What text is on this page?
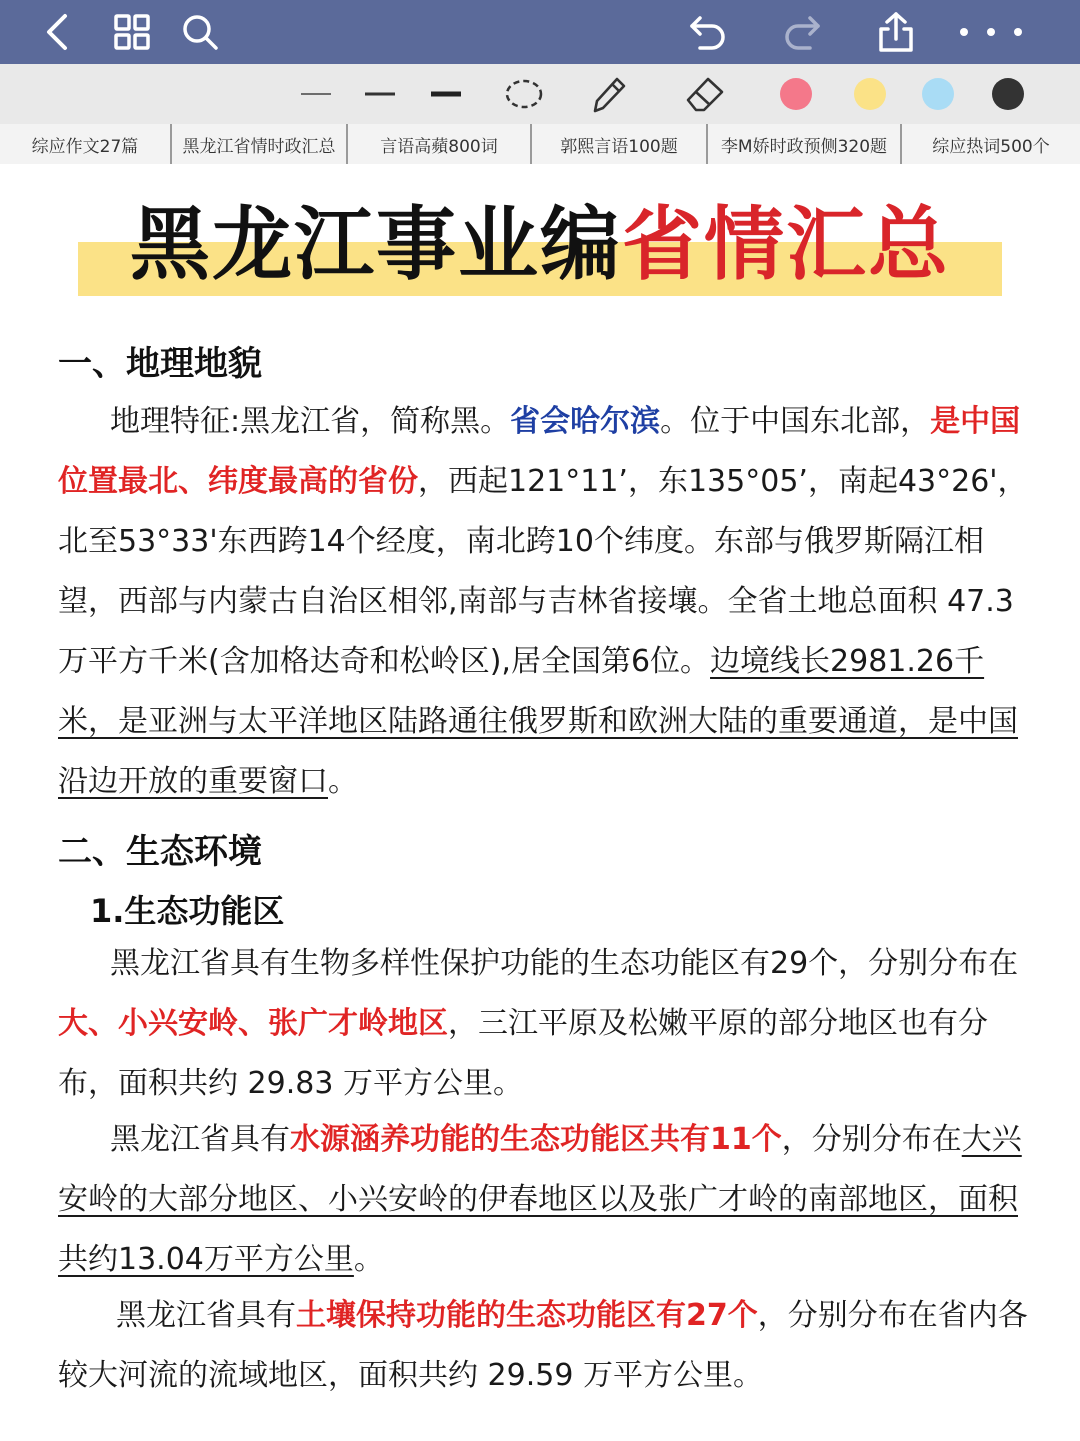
综应作文27篇	黑龙江省情时政汇总	言语高蘋800词	郭熙言语100题	李M娇时政预侧320题	综应热词500个
黑龙江事业编省情汇总
一、地理地貌
地理特征:黑龙江省，简称黑。省会哈尔滨。位于中国东北部，是中国位置最北、纬度最高的省份，西起121°11’，东135°05’，南起43°26'，北至53°33'东西跨14个经度，南北跨10个纬度。东部与俄罗斯隔江相望，西部与内蒙古自治区相邻,南部与吉林省接壤。全省土地总面积 47.3万平方千米(含加格达奇和松岭区),居全国第6位。边境线长2981.26千米，是亚洲与太平洋地区陆路通往俄罗斯和欧洲大陆的重要通道，是中国沿边开放的重要窗口。
二、生态环境
1.生态功能区
黑龙江省具有生物多样性保护功能的生态功能区有29个，分别分布在大、小兴安岭、张广才岭地区，三江平原及松嫩平原的部分地区也有分布，面积共约 29.83 万平方公里。
黑龙江省具有水源涵养功能的生态功能区共有11个，分别分布在大兴安岭的大部分地区、小兴安岭的伊春地区以及张广才岭的南部地区，面积共约13.04万平方公里。
黑龙江省具有土壤保持功能的生态功能区有27个，分别分布在省内各较大河流的流域地区，面积共约 29.59 万平方公里。
